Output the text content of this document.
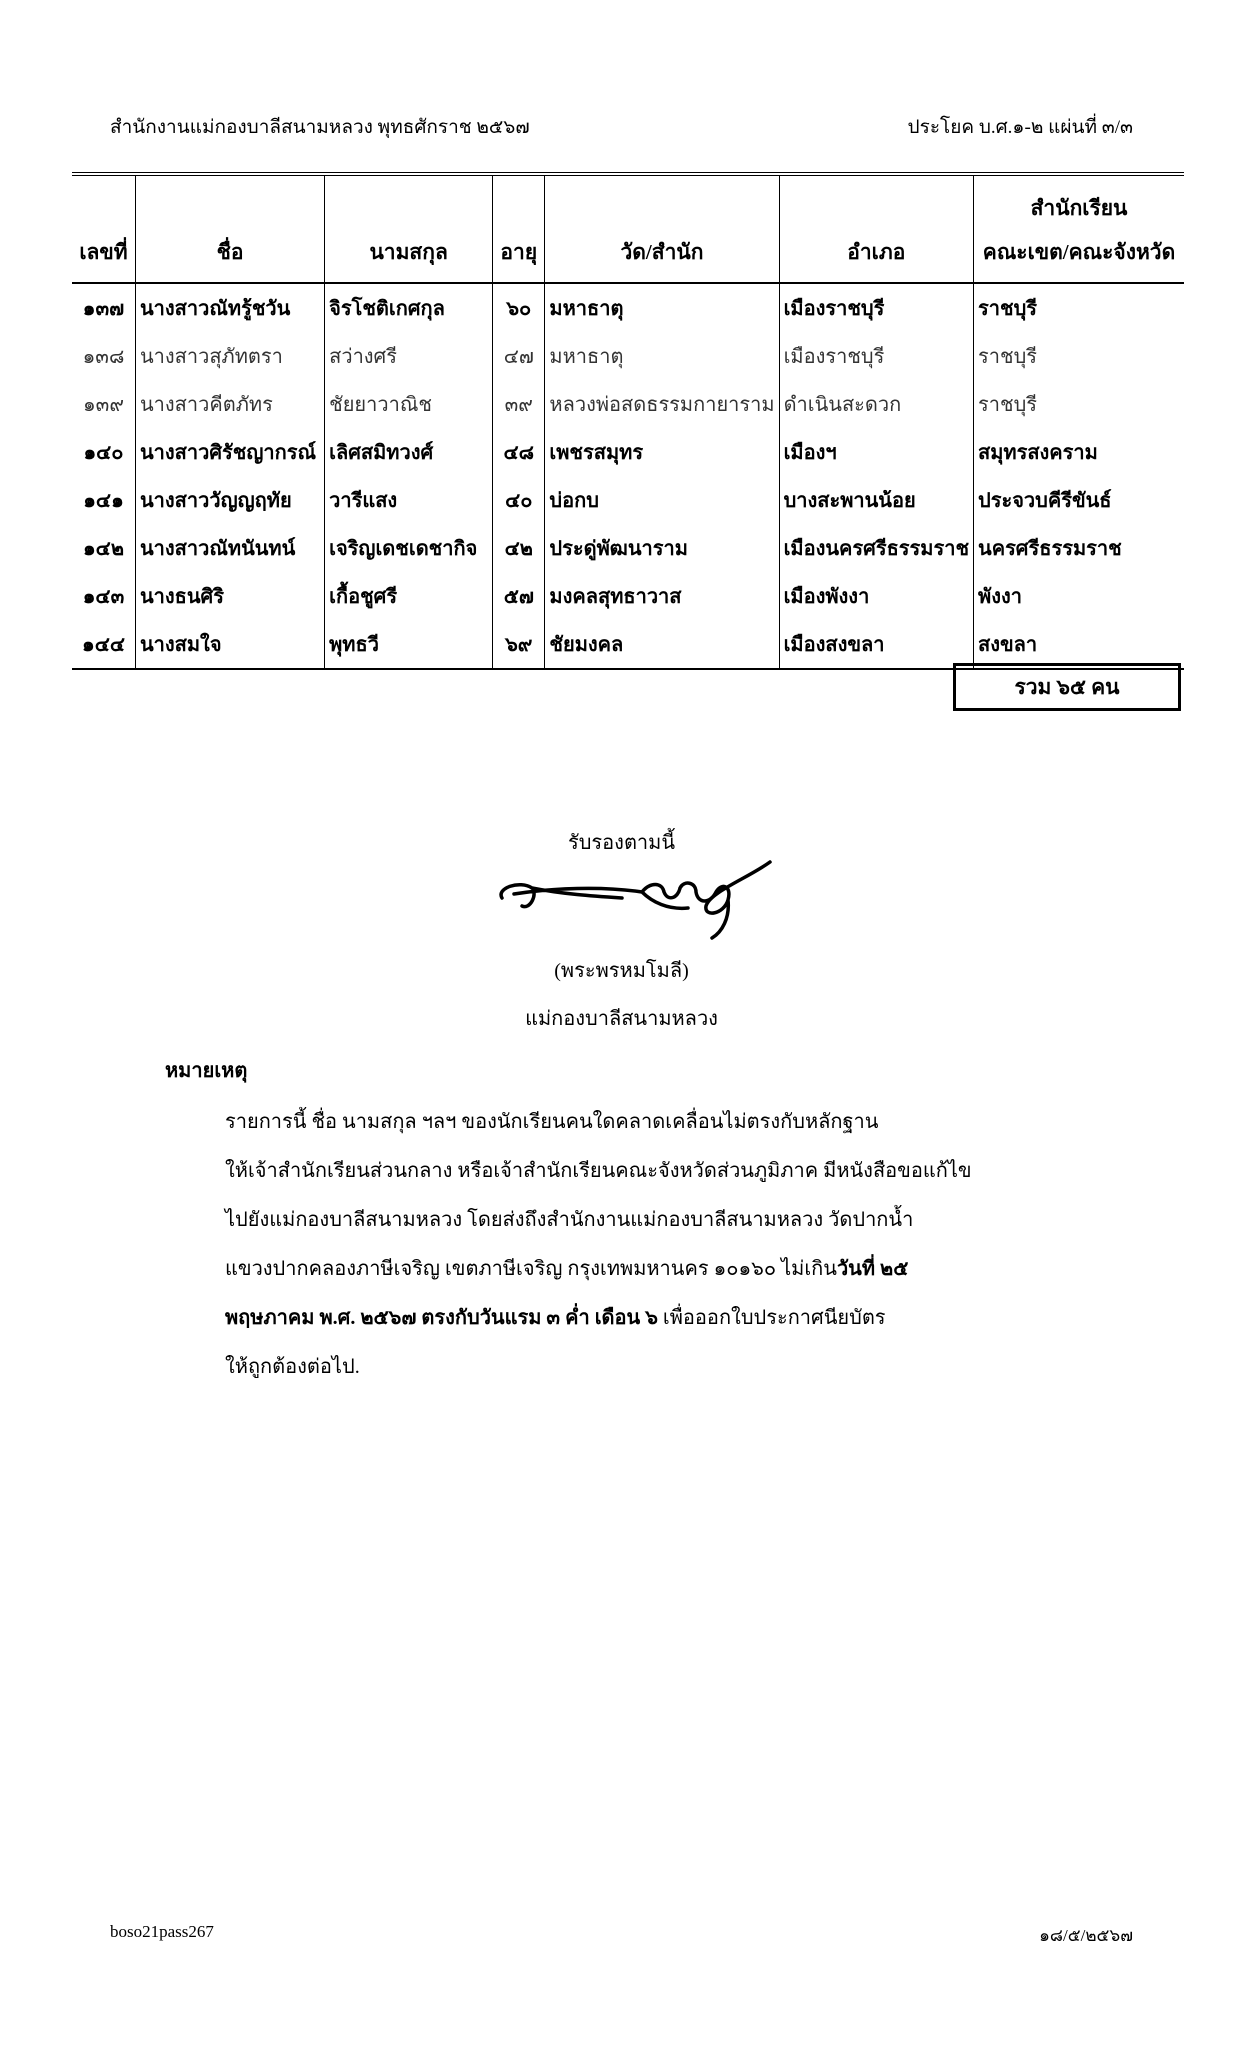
สำนักงานแม่กองบาลีสนามหลวง พุทธศักราช ๒๕๖๗	ประโยค บ.ศ.๑-๒ แผ่นที่ ๓/๓
เลขที่	ชื่อ	นามสกุล	อายุ	วัด/สำนัก	อำเภอ	สำนักเรียน
คณะเขต/คณะจังหวัด

๑๓๗	นางสาวณัทรู้ชวัน	จิรโชติเกศกุล	๖๐	มหาธาตุ	เมืองราชบุรี	ราชบุรี
๑๓๘	นางสาวสุภัทตรา	สว่างศรี	๔๗	มหาธาตุ	เมืองราชบุรี	ราชบุรี
๑๓๙	นางสาวคีตภัทร	ชัยยาวาณิช	๓๙	หลวงพ่อสดธรรมกายาราม	ดำเนินสะดวก	ราชบุรี
๑๔๐	นางสาวศิรัชญากรณ์	เลิศสมิทวงศ์	๔๘	เพชรสมุทร	เมืองฯ	สมุทรสงคราม
๑๔๑	นางสาววัญญฤทัย	วารีแสง	๔๐	บ่อกบ	บางสะพานน้อย	ประจวบคีรีขันธ์
๑๔๒	นางสาวณัทนันทน์	เจริญเดชเดชากิจ	๔๒	ประดู่พัฒนาราม	เมืองนครศรีธรรมราช	นครศรีธรรมราช
๑๔๓	นางธนศิริ	เกื้อชูศรี	๕๗	มงคลสุทธาวาส	เมืองพังงา	พังงา
๑๔๔	นางสมใจ	พุทธวี	๖๙	ชัยมงคล	เมืองสงขลา	สงขลา
รวม ๖๕ คน
รับรองตามนี้
(พระพรหมโมลี)
แม่กองบาลีสนามหลวง
หมายเหตุ
รายการนี้ ชื่อ นามสกุล ฯลฯ ของนักเรียนคนใดคลาดเคลื่อนไม่ตรงกับหลักฐาน
ให้เจ้าสำนักเรียนส่วนกลาง หรือเจ้าสำนักเรียนคณะจังหวัดส่วนภูมิภาค มีหนังสือขอแก้ไข
ไปยังแม่กองบาลีสนามหลวง โดยส่งถึงสำนักงานแม่กองบาลีสนามหลวง วัดปากน้ำ
แขวงปากคลองภาษีเจริญ เขตภาษีเจริญ กรุงเทพมหานคร ๑๐๑๖๐ ไม่เกินวันที่ ๒๕
พฤษภาคม พ.ศ. ๒๕๖๗ ตรงกับวันแรม ๓ ค่ำ เดือน ๖ เพื่อออกใบประกาศนียบัตร
ให้ถูกต้องต่อไป.
boso21pass267	๑๘/๕/๒๕๖๗
